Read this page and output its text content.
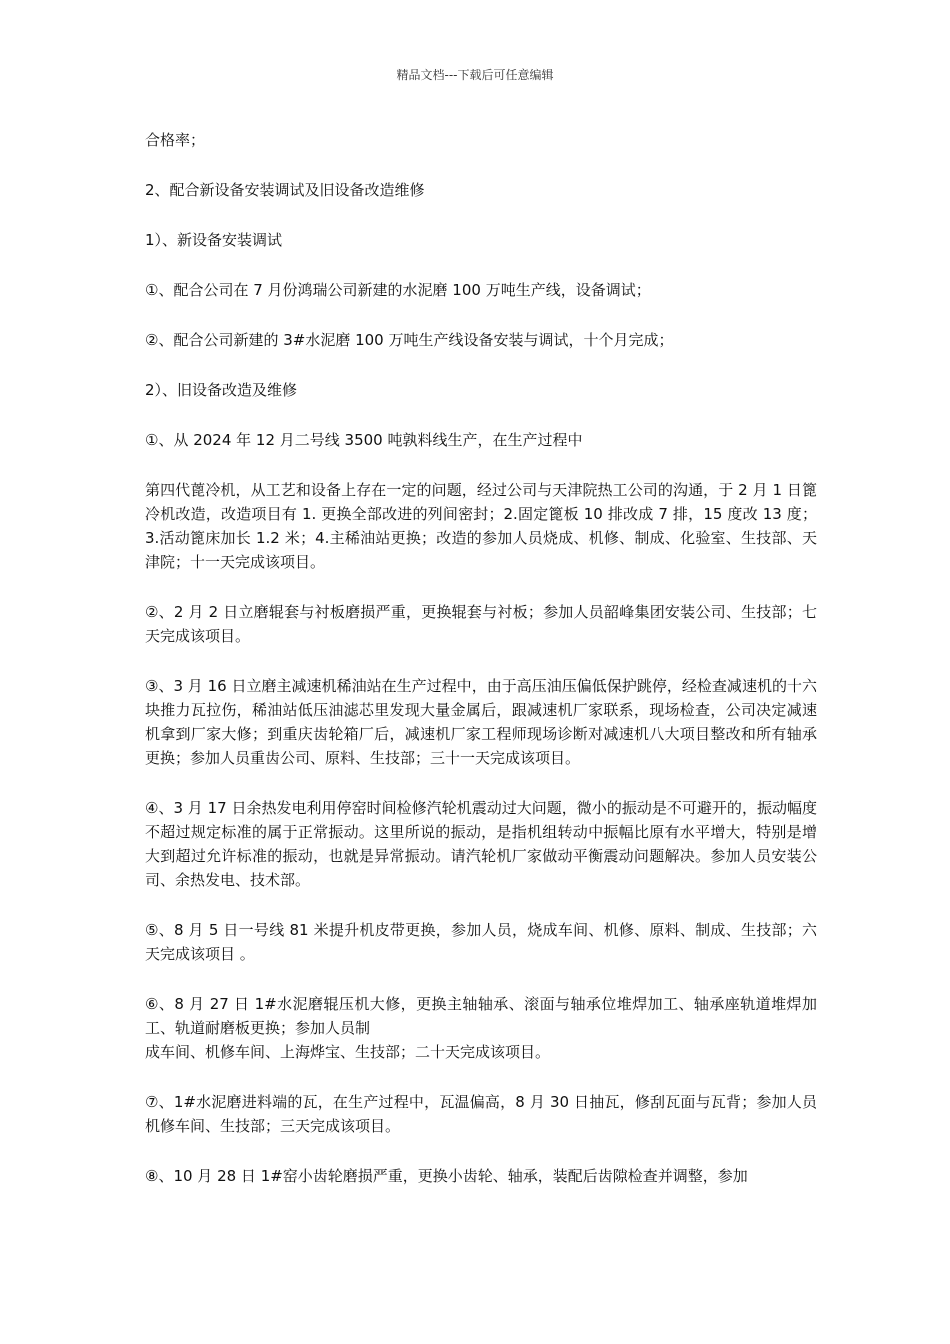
精品文档---下载后可任意编辑

合格率；

2、配合新设备安装调试及旧设备改造维修

1）、新设备安装调试

①、配合公司在 7 月份鸿瑞公司新建的水泥磨 100 万吨生产线，设备调试；

②、配合公司新建的 3#水泥磨 100 万吨生产线设备安装与调试，十个月完成；

2）、旧设备改造及维修

①、从 2024 年 12 月二号线 3500 吨孰料线生产，在生产过程中

第四代蓖冷机，从工艺和设备上存在一定的问题，经过公司与天津院热工公司的沟通，于 2 月 1 日篦冷机改造，改造项目有 1. 更换全部改进的列间密封；2.固定篦板 10 排改成 7 排，15 度改 13 度；3.活动篦床加长 1.2 米；4.主稀油站更换；改造的参加人员烧成、机修、制成、化验室、生技部、天津院；十一天完成该项目。

②、2 月 2 日立磨辊套与衬板磨损严重，更换辊套与衬板；参加人员韶峰集团安装公司、生技部；七天完成该项目。

③、3 月 16 日立磨主减速机稀油站在生产过程中，由于高压油压偏低保护跳停，经检查减速机的十六块推力瓦拉伤，稀油站低压油滤芯里发现大量金属后，跟减速机厂家联系，现场检查，公司决定减速机拿到厂家大修；到重庆齿轮箱厂后，减速机厂家工程师现场诊断对减速机八大项目整改和所有轴承更换；参加人员重齿公司、原料、生技部；三十一天完成该项目。

④、3 月 17 日余热发电利用停窑时间检修汽轮机震动过大问题，微小的振动是不可避开的，振动幅度不超过规定标准的属于正常振动。这里所说的振动，是指机组转动中振幅比原有水平增大，特别是增大到超过允许标准的振动，也就是异常振动。请汽轮机厂家做动平衡震动问题解决。参加人员安装公司、余热发电、技术部。

⑤、8 月 5 日一号线 81 米提升机皮带更换，参加人员，烧成车间、机修、原料、制成、生技部；六天完成该项目 。

⑥、8 月 27 日 1#水泥磨辊压机大修，更换主轴轴承、滚面与轴承位堆焊加工、轴承座轨道堆焊加工、轨道耐磨板更换；参加人员制

成车间、机修车间、上海烨宝、生技部；二十天完成该项目。

⑦、1#水泥磨进料端的瓦，在生产过程中，瓦温偏高，8 月 30 日抽瓦，修刮瓦面与瓦背；参加人员机修车间、生技部；三天完成该项目。

⑧、10 月 28 日 1#窑小齿轮磨损严重，更换小齿轮、轴承，装配后齿隙检查并调整，参加
